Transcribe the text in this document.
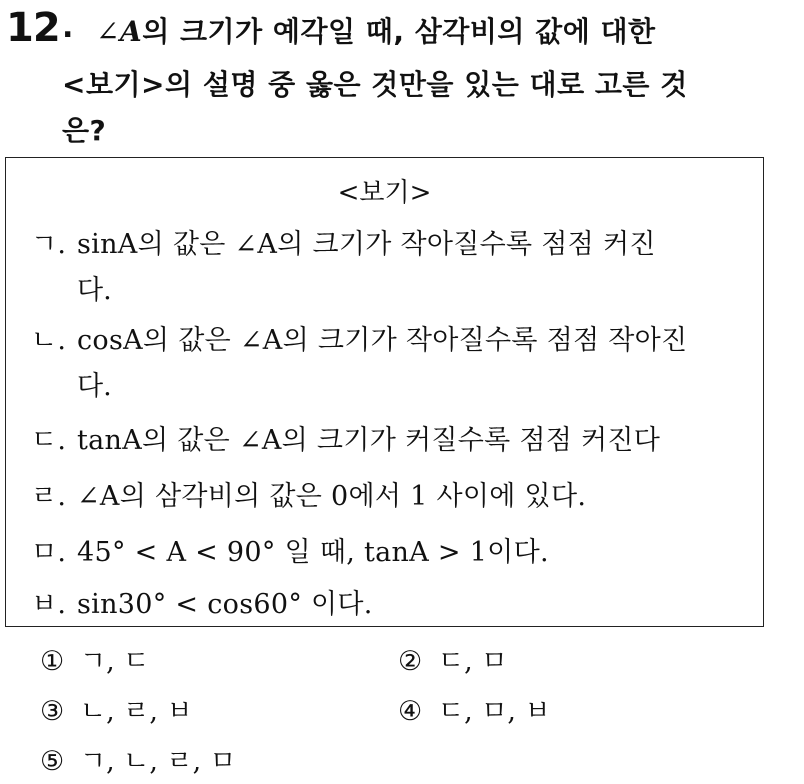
12 . ∠A의 크기가 예각일 때, 삼각비의 값에 대한
<보기>의 설명 중 옳은 것만을 있는 대로 고른 것
은?
<보기>
ㄱ. sinA의 값은 ∠A의 크기가 작아질수록 점점 커진
다.
ㄴ. cosA의 값은 ∠A의 크기가 작아질수록 점점 작아진
다.
ㄷ. tanA의 값은 ∠A의 크기가 커질수록 점점 커진다
ㄹ. ∠A의 삼각비의 값은 0에서 1 사이에 있다.
ㅁ. 45° < A < 90° 일 때, tanA > 1이다.
ㅂ. sin30° < cos60° 이다.
① ㄱ, ㄷ	② ㄷ, ㅁ
③ ㄴ, ㄹ, ㅂ	④ ㄷ, ㅁ, ㅂ
⑤ ㄱ, ㄴ, ㄹ, ㅁ
